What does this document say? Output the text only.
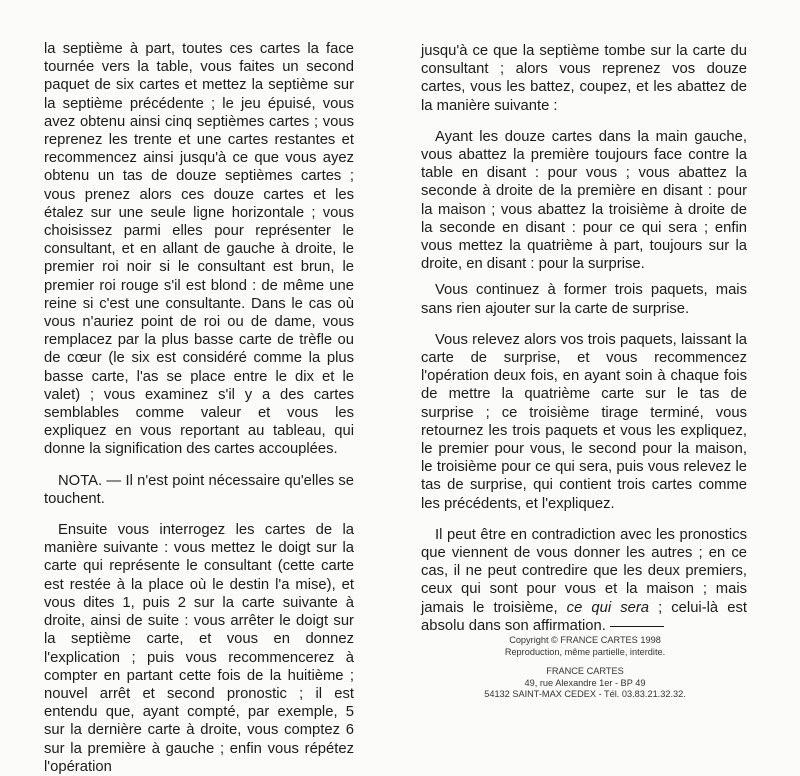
la septième à part, toutes ces cartes la face tournée vers la table, vous faites un second paquet de six cartes et mettez la septième sur la septième précédente ; le jeu épuisé, vous avez obtenu ainsi cinq septièmes cartes ; vous reprenez les trente et une cartes restantes et recommencez ainsi jusqu'à ce que vous ayez obtenu un tas de douze septièmes cartes ; vous prenez alors ces douze cartes et les étalez sur une seule ligne horizontale ; vous choisissez parmi elles pour représenter le consultant, et en allant de gauche à droite, le premier roi noir si le consultant est brun, le premier roi rouge s'il est blond : de même une reine si c'est une consultante. Dans le cas où vous n'auriez point de roi ou de dame, vous remplacez par la plus basse carte de trèfle ou de cœur (le six est considéré comme la plus basse carte, l'as se place entre le dix et le valet) ; vous examinez s'il y a des cartes semblables comme valeur et vous les expliquez en vous reportant au tableau, qui donne la signification des cartes accouplées.

NOTA. — Il n'est point nécessaire qu'elles se touchent.

Ensuite vous interrogez les cartes de la manière suivante : vous mettez le doigt sur la carte qui représente le consultant (cette carte est restée à la place où le destin l'a mise), et vous dites 1, puis 2 sur la carte suivante à droite, ainsi de suite : vous arrêter le doigt sur la septième carte, et vous en donnez l'explication ; puis vous recommencerez à compter en partant cette fois de la huitième ; nouvel arrêt et second pronostic ; il est entendu que, ayant compté, par exemple, 5 sur la dernière carte à droite, vous comptez 6 sur la première à gauche ; enfin vous répétez l'opération

jusqu'à ce que la septième tombe sur la carte du consultant ; alors vous reprenez vos douze cartes, vous les battez, coupez, et les abattez de la manière suivante :

Ayant les douze cartes dans la main gauche, vous abattez la première toujours face contre la table en disant : pour vous ; vous abattez la seconde à droite de la première en disant : pour la maison ; vous abattez la troisième à droite de la seconde en disant : pour ce qui sera ; enfin vous mettez la quatrième à part, toujours sur la droite, en disant : pour la surprise.

Vous continuez à former trois paquets, mais sans rien ajouter sur la carte de surprise.

Vous relevez alors vos trois paquets, laissant la carte de surprise, et vous recommencez l'opération deux fois, en ayant soin à chaque fois de mettre la quatrième carte sur le tas de surprise ; ce troisième tirage terminé, vous retournez les trois paquets et vous les expliquez, le premier pour vous, le second pour la maison, le troisième pour ce qui sera, puis vous relevez le tas de surprise, qui contient trois cartes comme les précédents, et l'expliquez.

Il peut être en contradiction avec les pronostics que viennent de vous donner les autres ; en ce cas, il ne peut contredire que les deux premiers, ceux qui sont pour vous et la maison ; mais jamais le troisième, ce qui sera ; celui-là est absolu dans son affirmation.

Copyright © FRANCE CARTES 1998
Reproduction, même partielle, interdite.
FRANCE CARTES
49, rue Alexandre 1er - BP 49
54132 SAINT-MAX CEDEX - Tél. 03.83.21.32.32.
